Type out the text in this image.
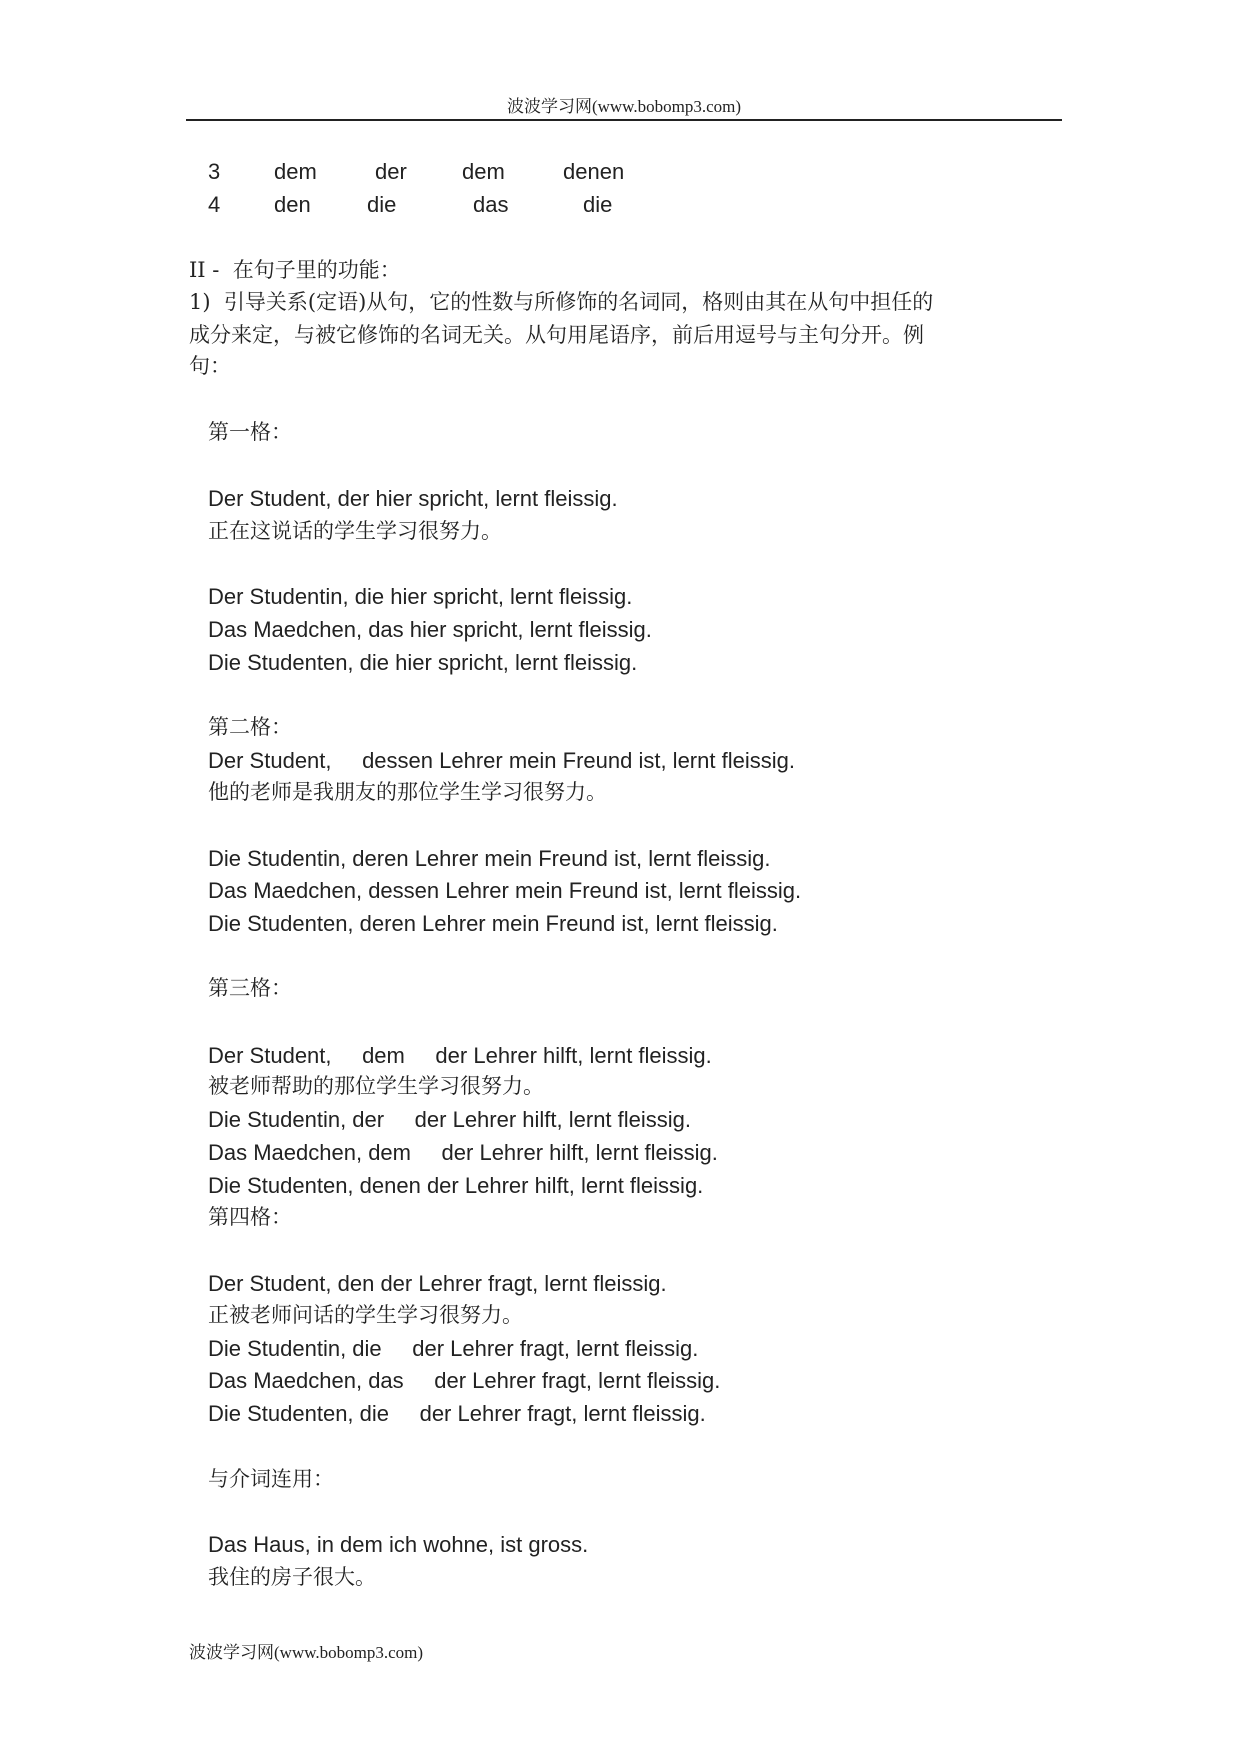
波波学习网(www.bobomp3.com)
3 dem	der	dem	denen
4 den	die	das	die
II -  在句子里的功能：
1)  引导关系(定语)从句，它的性数与所修饰的名词同，格则由其在从句中担任的
成分来定，与被它修饰的名词无关。从句用尾语序，前后用逗号与主句分开。例
句：
第一格：
Der Student, der hier spricht, lernt fleissig.
正在这说话的学生学习很努力。
Der Studentin, die hier spricht, lernt fleissig.
Das Maedchen, das hier spricht, lernt fleissig.
Die Studenten, die hier spricht, lernt fleissig.
第二格：
Der Student,     dessen Lehrer mein Freund ist, lernt fleissig.
他的老师是我朋友的那位学生学习很努力。
Die Studentin, deren Lehrer mein Freund ist, lernt fleissig.
Das Maedchen, dessen Lehrer mein Freund ist, lernt fleissig.
Die Studenten, deren Lehrer mein Freund ist, lernt fleissig.
第三格：
Der Student,     dem     der Lehrer hilft, lernt fleissig.
被老师帮助的那位学生学习很努力。
Die Studentin, der     der Lehrer hilft, lernt fleissig.
Das Maedchen, dem     der Lehrer hilft, lernt fleissig.
Die Studenten, denen der Lehrer hilft, lernt fleissig.
第四格：
Der Student, den der Lehrer fragt, lernt fleissig.
正被老师问话的学生学习很努力。
Die Studentin, die     der Lehrer fragt, lernt fleissig.
Das Maedchen, das     der Lehrer fragt, lernt fleissig.
Die Studenten, die     der Lehrer fragt, lernt fleissig.
与介词连用：
Das Haus, in dem ich wohne, ist gross.
我住的房子很大。
波波学习网(www.bobomp3.com)
